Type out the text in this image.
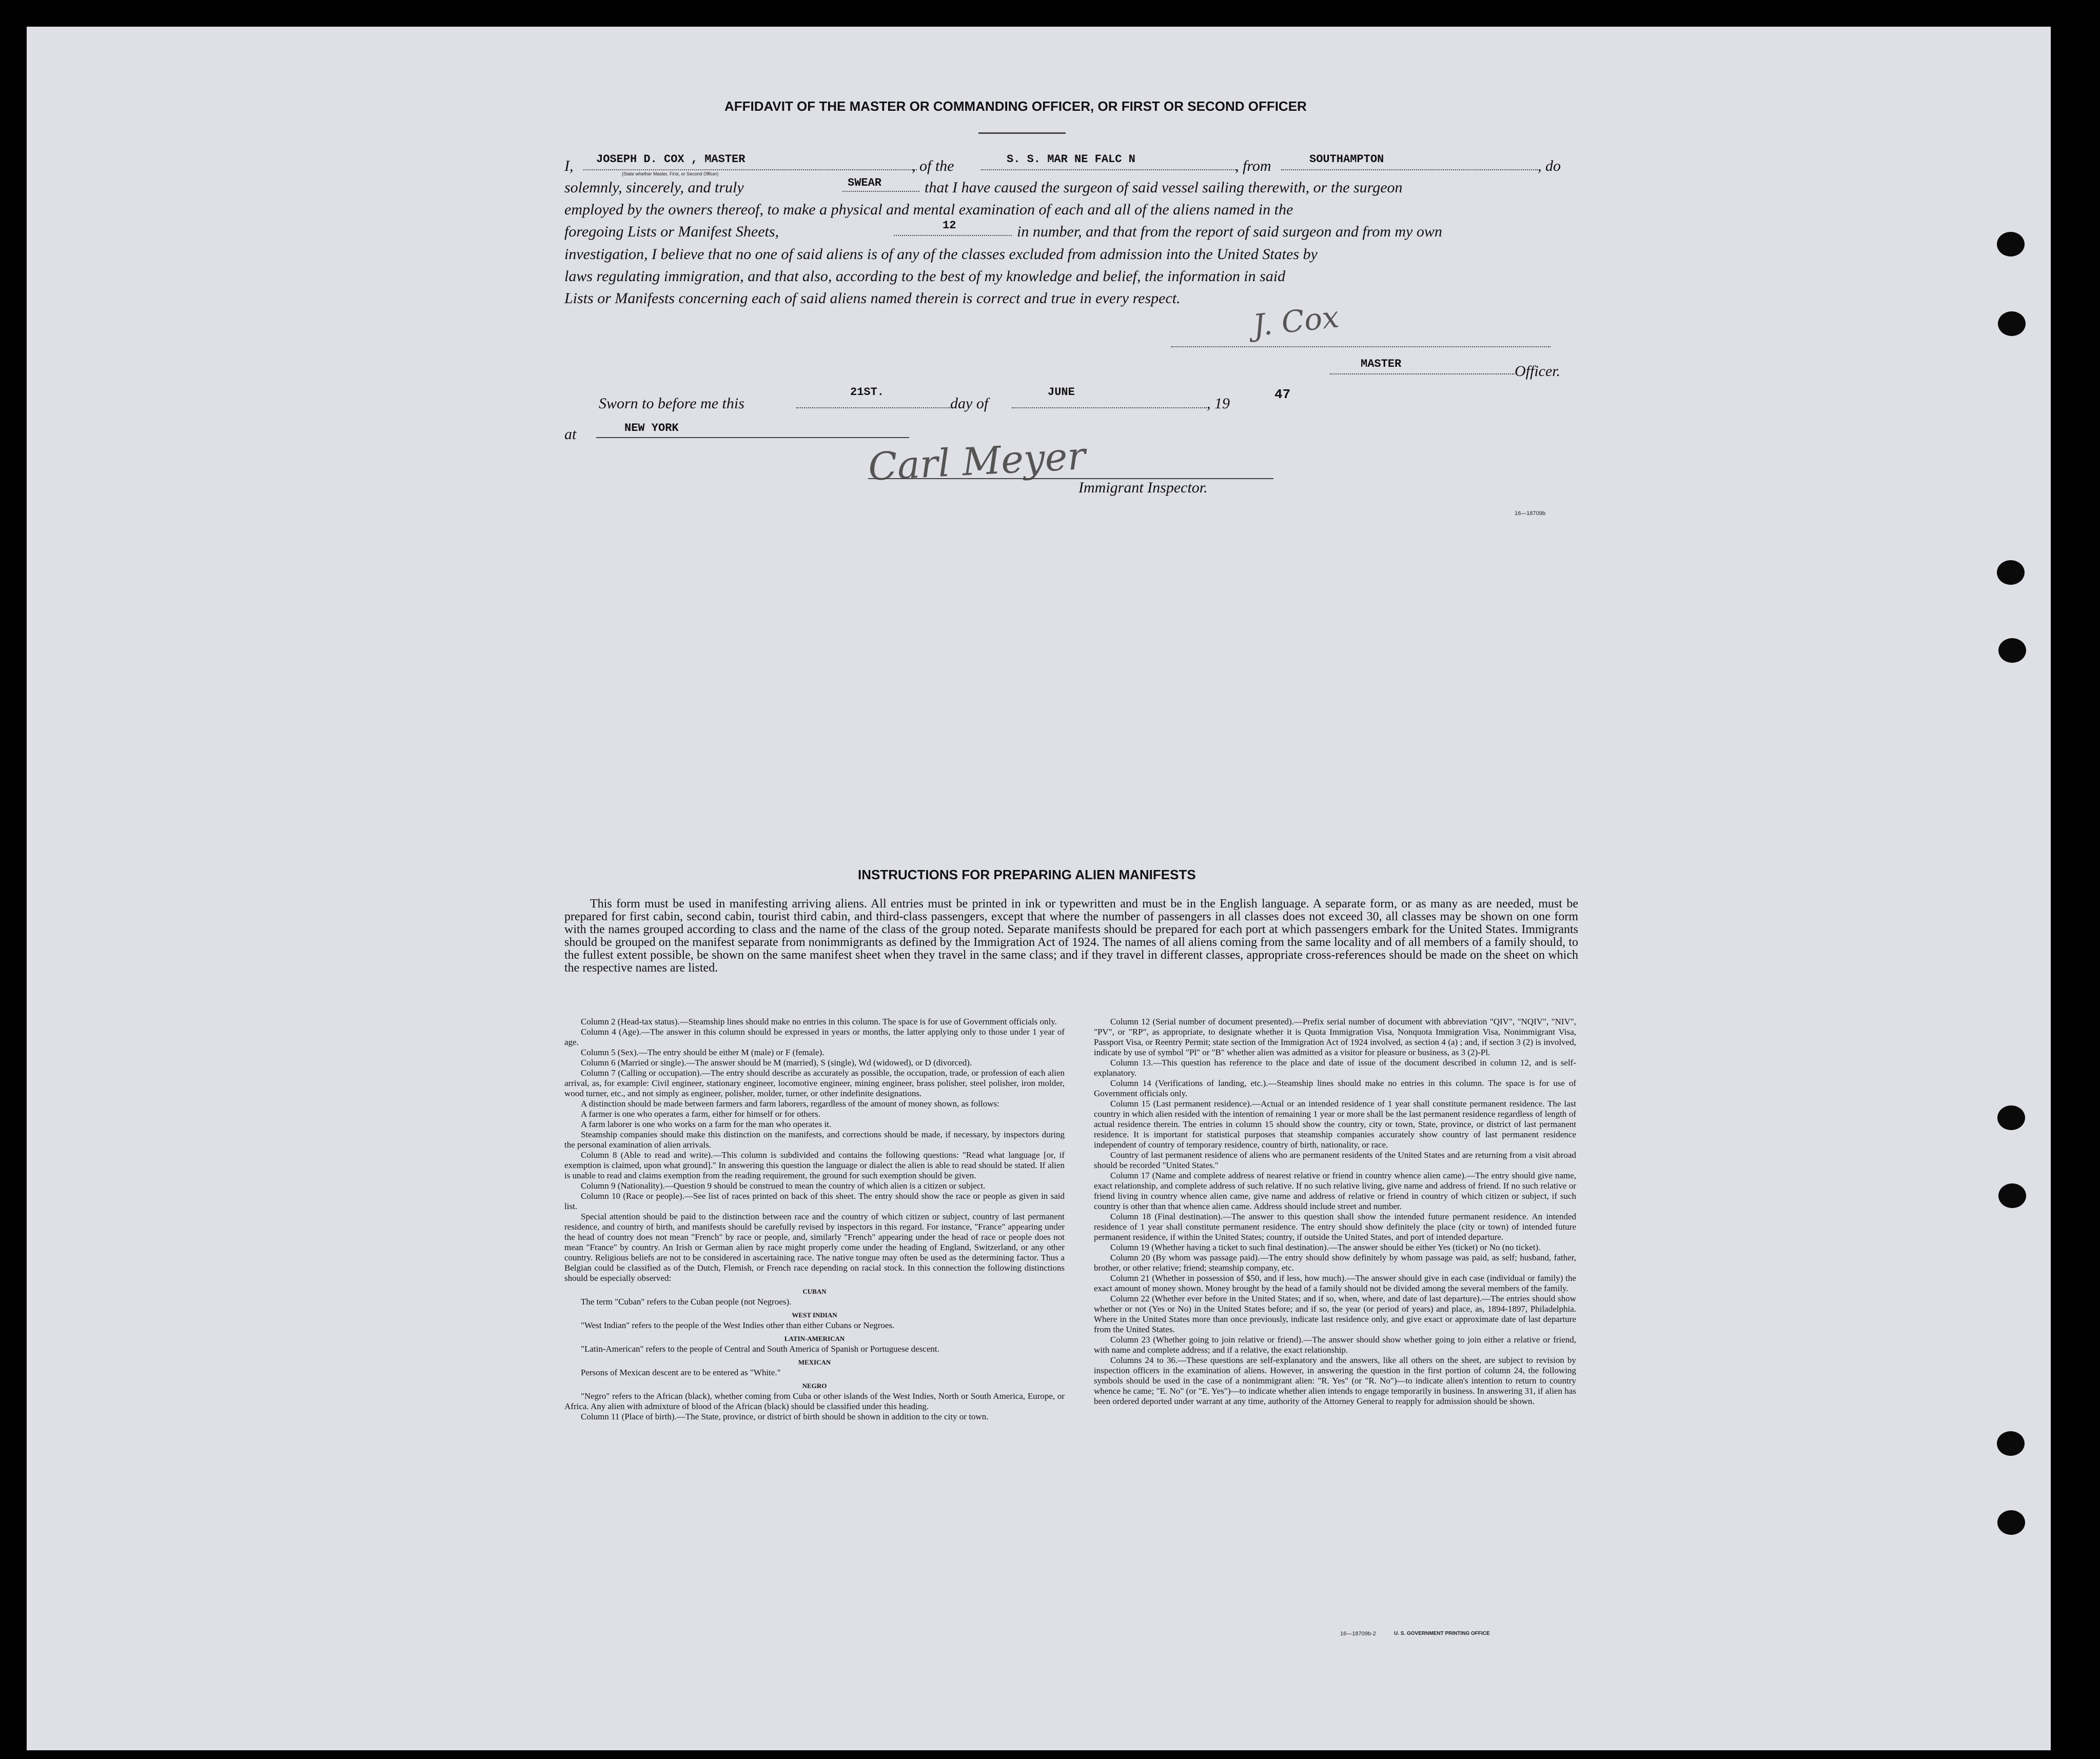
AFFIDAVIT OF THE MASTER OR COMMANDING OFFICER, OR FIRST OR SECOND OFFICER
I, JOSEPH D. COX , MASTER	, of the	S. S. MAR NE FALC N	, from	SOUTHAMPTON	, do
(State whether Master, First, or Second Officer)
solemnly, sincerely, and truly	SWEAR	that I have caused the surgeon of said vessel sailing therewith, or the surgeon
employed by the owners thereof, to make a physical and mental examination of each and all of the aliens named in the
foregoing Lists or Manifest Sheets,	12	in number, and that from the report of said surgeon and from my own
investigation, I believe that no one of said aliens is of any of the classes excluded from admission into the United States by
laws regulating immigration, and that also, according to the best of my knowledge and belief, the information in said
Lists or Manifests concerning each of said aliens named therein is correct and true in every respect.
J. Cox
MASTER	Officer.
Sworn to before me this
21ST.
day of
JUNE
, 19
47
at	NEW YORK
Carl Meyer
Immigrant Inspector.
16—18709b
INSTRUCTIONS FOR PREPARING ALIEN MANIFESTS
This form must be used in manifesting arriving aliens. All entries must be printed in ink or typewritten and must be in the English language. A separate form, or as many as are needed, must be prepared for first cabin, second cabin, tourist third cabin, and third-class passengers, except that where the number of passengers in all classes does not exceed 30, all classes may be shown on one form with the names grouped according to class and the name of the class of the group noted. Separate manifests should be prepared for each port at which passengers embark for the United States. Immigrants should be grouped on the manifest separate from nonimmigrants as defined by the Immigration Act of 1924. The names of all aliens coming from the same locality and of all members of a family should, to the fullest extent possible, be shown on the same manifest sheet when they travel in the same class; and if they travel in different classes, appropriate cross-references should be made on the sheet on which the respective names are listed.

Column 2 (Head-tax status).—Steamship lines should make no entries in this column. The space is for use of Government officials only.

Column 4 (Age).—The answer in this column should be expressed in years or months, the latter applying only to those under 1 year of age.

Column 5 (Sex).—The entry should be either M (male) or F (female).

Column 6 (Married or single).—The answer should be M (married), S (single), Wd (widowed), or D (divorced).

Column 7 (Calling or occupation).—The entry should describe as accurately as possible, the occupation, trade, or profession of each alien arrival, as, for example: Civil engineer, stationary engineer, locomotive engineer, mining engineer, brass polisher, steel polisher, iron molder, wood turner, etc., and not simply as engineer, polisher, molder, turner, or other indefinite designations.

A distinction should be made between farmers and farm laborers, regardless of the amount of money shown, as follows:

A farmer is one who operates a farm, either for himself or for others.

A farm laborer is one who works on a farm for the man who operates it.

Steamship companies should make this distinction on the manifests, and corrections should be made, if necessary, by inspectors during the personal examination of alien arrivals.

Column 8 (Able to read and write).—This column is subdivided and contains the following questions: "Read what language [or, if exemption is claimed, upon what ground]." In answering this question the language or dialect the alien is able to read should be stated. If alien is unable to read and claims exemption from the reading requirement, the ground for such exemption should be given.

Column 9 (Nationality).—Question 9 should be construed to mean the country of which alien is a citizen or subject.

Column 10 (Race or people).—See list of races printed on back of this sheet. The entry should show the race or people as given in said list.

Special attention should be paid to the distinction between race and the country of which citizen or subject, country of last permanent residence, and country of birth, and manifests should be carefully revised by inspectors in this regard. For instance, "France" appearing under the head of country does not mean "French" by race or people, and, similarly "French" appearing under the head of race or people does not mean "France" by country. An Irish or German alien by race might properly come under the heading of England, Switzerland, or any other country. Religious beliefs are not to be considered in ascertaining race. The native tongue may often be used as the determining factor. Thus a Belgian could be classified as of the Dutch, Flemish, or French race depending on racial stock. In this connection the following distinctions should be especially observed:

CUBAN

The term "Cuban" refers to the Cuban people (not Negroes).

WEST INDIAN

"West Indian" refers to the people of the West Indies other than either Cubans or Negroes.

LATIN-AMERICAN

"Latin-American" refers to the people of Central and South America of Spanish or Portuguese descent.

MEXICAN

Persons of Mexican descent are to be entered as "White."

NEGRO

"Negro" refers to the African (black), whether coming from Cuba or other islands of the West Indies, North or South America, Europe, or Africa. Any alien with admixture of blood of the African (black) should be classified under this heading.

Column 11 (Place of birth).—The State, province, or district of birth should be shown in addition to the city or town.

Column 12 (Serial number of document presented).—Prefix serial number of document with abbreviation "QIV", "NQIV", "NIV", "PV", or "RP", as appropriate, to designate whether it is Quota Immigration Visa, Nonquota Immigration Visa, Nonimmigrant Visa, Passport Visa, or Reentry Permit; state section of the Immigration Act of 1924 involved, as section 4 (a) ; and, if section 3 (2) is involved, indicate by use of symbol "Pl" or "B" whether alien was admitted as a visitor for pleasure or business, as 3 (2)-Pl.

Column 13.—This question has reference to the place and date of issue of the document described in column 12, and is self-explanatory.

Column 14 (Verifications of landing, etc.).—Steamship lines should make no entries in this column. The space is for use of Government officials only.

Column 15 (Last permanent residence).—Actual or an intended residence of 1 year shall constitute permanent residence. The last country in which alien resided with the intention of remaining 1 year or more shall be the last permanent residence regardless of length of actual residence therein. The entries in column 15 should show the country, city or town, State, province, or district of last permanent residence. It is important for statistical purposes that steamship companies accurately show country of last permanent residence independent of country of temporary residence, country of birth, nationality, or race.

Country of last permanent residence of aliens who are permanent residents of the United States and are returning from a visit abroad should be recorded "United States."

Column 17 (Name and complete address of nearest relative or friend in country whence alien came).—The entry should give name, exact relationship, and complete address of such relative. If no such relative living, give name and address of friend. If no such relative or friend living in country whence alien came, give name and address of relative or friend in country of which citizen or subject, if such country is other than that whence alien came. Address should include street and number.

Column 18 (Final destination).—The answer to this question shall show the intended future permanent residence. An intended residence of 1 year shall constitute permanent residence. The entry should show definitely the place (city or town) of intended future permanent residence, if within the United States; country, if outside the United States, and port of intended departure.

Column 19 (Whether having a ticket to such final destination).—The answer should be either Yes (ticket) or No (no ticket).

Column 20 (By whom was passage paid).—The entry should show definitely by whom passage was paid, as self; husband, father, brother, or other relative; friend; steamship company, etc.

Column 21 (Whether in possession of $50, and if less, how much).—The answer should give in each case (individual or family) the exact amount of money shown. Money brought by the head of a family should not be divided among the several members of the family.

Column 22 (Whether ever before in the United States; and if so, when, where, and date of last departure).—The entries should show whether or not (Yes or No) in the United States before; and if so, the year (or period of years) and place, as, 1894-1897, Philadelphia. Where in the United States more than once previously, indicate last residence only, and give exact or approximate date of last departure from the United States.

Column 23 (Whether going to join relative or friend).—The answer should show whether going to join either a relative or friend, with name and complete address; and if a relative, the exact relationship.

Columns 24 to 36.—These questions are self-explanatory and the answers, like all others on the sheet, are subject to revision by inspection officers in the examination of aliens. However, in answering the question in the first portion of column 24, the following symbols should be used in the case of a nonimmigrant alien: "R. Yes" (or "R. No")—to indicate alien's intention to return to country whence he came; "E. No" (or "E. Yes")—to indicate whether alien intends to engage temporarily in business. In answering 31, if alien has been ordered deported under warrant at any time, authority of the Attorney General to reapply for admission should be shown.

16—18709b-2	U. S. GOVERNMENT PRINTING OFFICE
